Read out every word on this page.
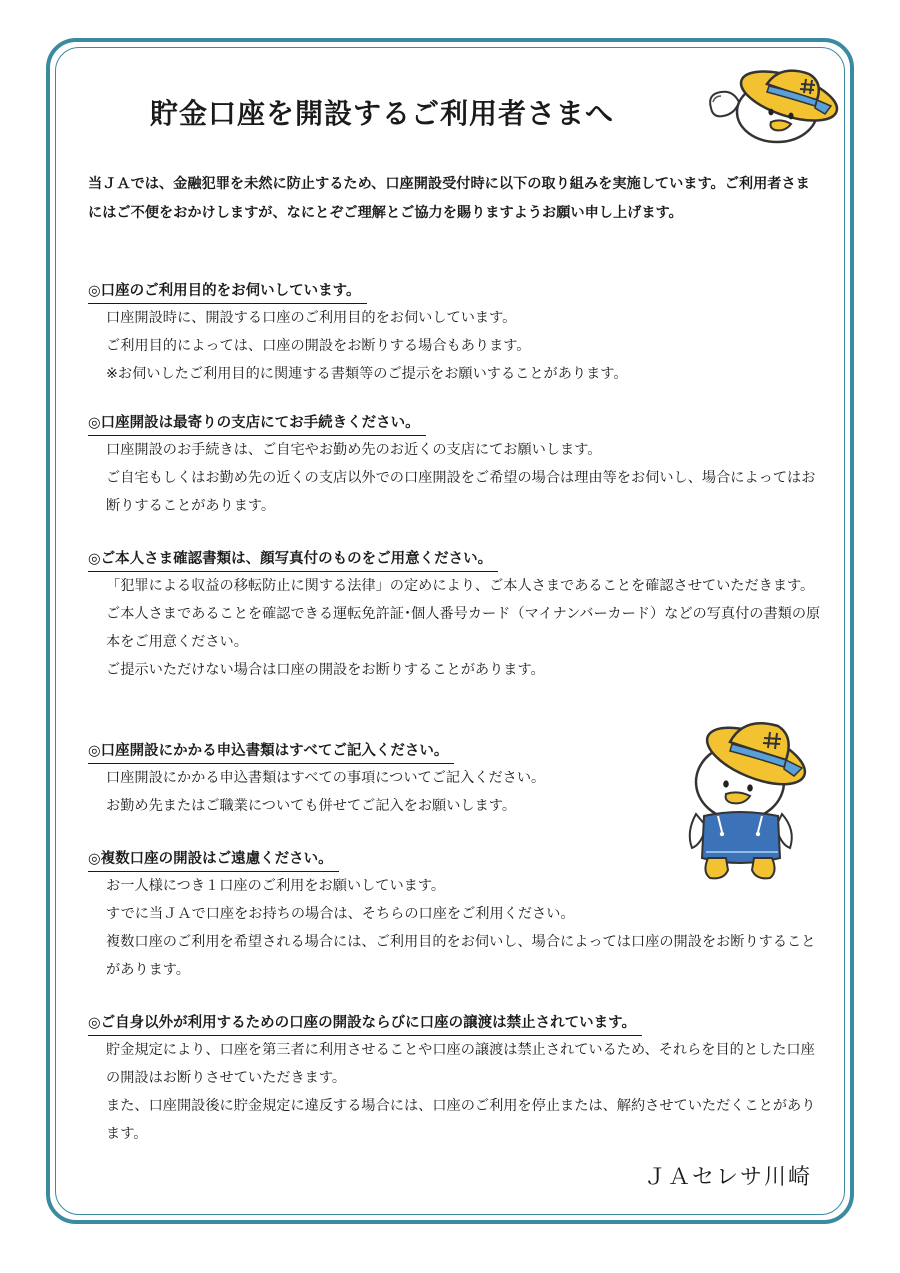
貯金口座を開設するご利用者さまへ

当ＪＡでは、金融犯罪を未然に防止するため、口座開設受付時に以下の取り組みを実施しています。ご利用者さまにはご不便をおかけしますが、なにとぞご理解とご協力を賜りますようお願い申し上げます。

◎口座のご利用目的をお伺いしています。

口座開設時に、開設する口座のご利用目的をお伺いしています。

ご利用目的によっては、口座の開設をお断りする場合もあります。

※お伺いしたご利用目的に関連する書類等のご提示をお願いすることがあります。

◎口座開設は最寄りの支店にてお手続きください。

口座開設のお手続きは、ご自宅やお勤め先のお近くの支店にてお願いします。

ご自宅もしくはお勤め先の近くの支店以外での口座開設をご希望の場合は理由等をお伺いし、場合によってはお断りすることがあります。

◎ご本人さま確認書類は、顔写真付のものをご用意ください。

「犯罪による収益の移転防止に関する法律」の定めにより、ご本人さまであることを確認させていただきます。

ご本人さまであることを確認できる運転免許証･個人番号カード（マイナンバーカード）などの写真付の書類の原本をご用意ください。

ご提示いただけない場合は口座の開設をお断りすることがあります。

◎口座開設にかかる申込書類はすべてご記入ください。

口座開設にかかる申込書類はすべての事項についてご記入ください。

お勤め先またはご職業についても併せてご記入をお願いします。

◎複数口座の開設はご遠慮ください。

お一人様につき１口座のご利用をお願いしています。

すでに当ＪＡで口座をお持ちの場合は、そちらの口座をご利用ください。

複数口座のご利用を希望される場合には、ご利用目的をお伺いし、場合によっては口座の開設をお断りすることがあります。

◎ご自身以外が利用するための口座の開設ならびに口座の譲渡は禁止されています。

貯金規定により、口座を第三者に利用させることや口座の譲渡は禁止されているため、それらを目的とした口座の開設はお断りさせていただきます。

また、口座開設後に貯金規定に違反する場合には、口座のご利用を停止または、解約させていただくことがあります。

ＪＡセレサ川崎
